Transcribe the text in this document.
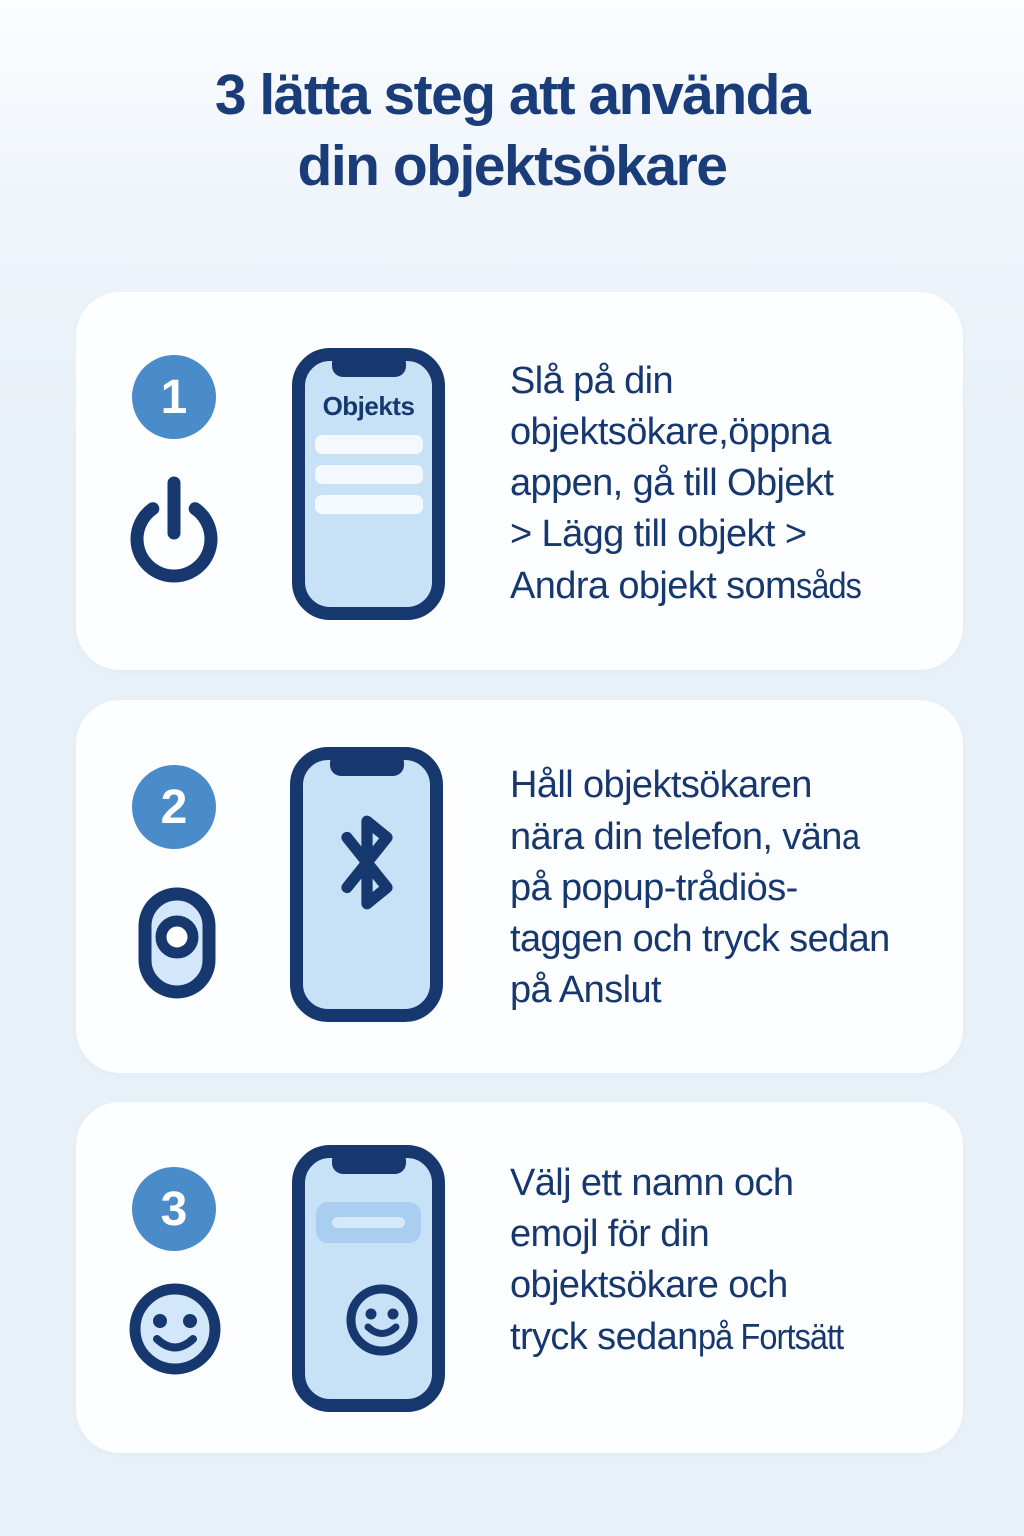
3 lätta steg att använda
din objektsökare
1	Objekts
Slå på din
objektsökare,öppna
appen, gå till Objekt
> Lägg till objekt >
Andra objekt somsåds
2	Håll objektsökaren
nära din telefon, väna
på popup-trådiȯs-
taggen och tryck sedan
på Anslut
3	Välj ett namn och
emojl för din
objektsökare och
tryck sedanpå Fortsätt
